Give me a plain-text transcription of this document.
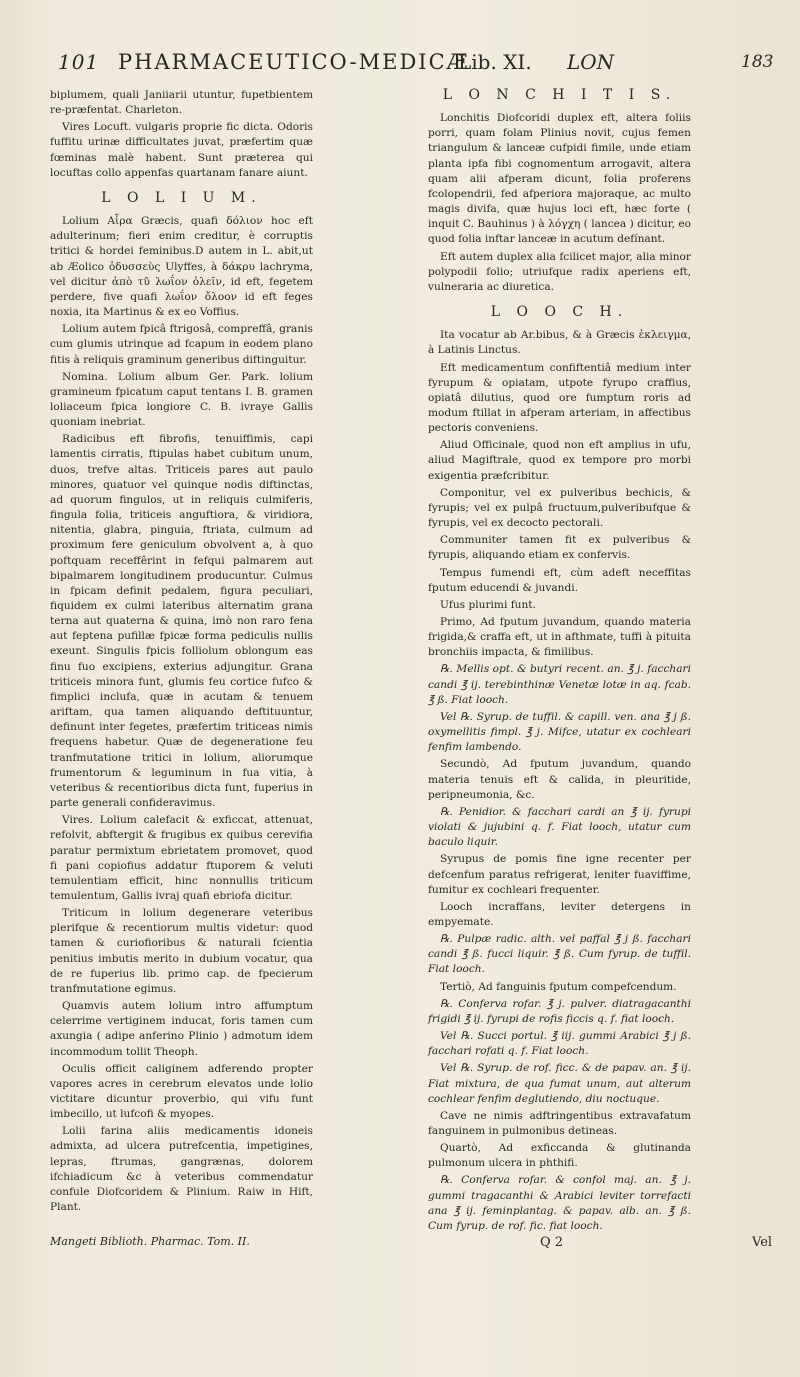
101 PHARMACEUTICO-MEDICÆ
Lib. XI. LON	183

biplumem, quali Janiiarii utuntur, fupetbientem re-præfentat. Charleton.

Vires Locuft. vulgaris proprie fic dicta. Odoris fuffitu urinæ difficultates juvat, præfertim quæ fœminas malè habent. Sunt præterea qui locuftas collo appenfas quartanam fanare aiunt.

L O L I U M.

Lolium Αἶρα Græcis, quafi δόλιον hoc eft adulterinum; fieri enim creditur, è corruptis tritici & hordei feminibus.D autem in L. abit,ut ab Æolico ὀδυσσεὺς Ulyffes, à δάκρυ lachryma, vel dicitur ἀπὸ τῦ λωΐον ὀλεῖν, id eft, fegetem perdere, five quafi λωΐον ὄλοον id eft feges noxia, ita Martinus & ex eo Voffius.

Lolium autem fpicâ ftrigosâ, compreffâ, granis cum glumis utrinque ad fcapum in eodem plano fitis à reliquis graminum generibus diftinguitur.

Nomina. Lolium album Ger. Park. lolium gramineum fpicatum caput tentans I. B. gramen loliaceum fpica longiore C. B. ivraye Gallis quoniam inebriat.

Radicibus eft fibrofis, tenuiffimis, capi lamentis cirratis, ftipulas habet cubitum unum, duos, trefve altas. Triticeis pares aut paulo minores, quatuor vel quinque nodis diftinctas, ad quorum fingulos, ut in reliquis culmiferis, fingula folia, triticeis anguftiora, & viridiora, nitentia, glabra, pinguia, ftriata, culmum ad proximum fere geniculum obvolvent a, à quo poftquam receffêrint in fefqui palmarem aut bipalmarem longitudinem producuntur. Culmus in fpicam definit pedalem, figura peculiari, fiquidem ex culmi lateribus alternatim grana terna aut quaterna & quina, imò non raro fena aut feptena pufillæ fpicæ forma pediculis nullis exeunt. Singulis fpicis folliolum oblongum eas finu fuo excipiens, exterius adjungitur. Grana triticeis minora funt, glumis feu cortice fufco & fimplici inclufa, quæ in acutam & tenuem ariftam, qua tamen aliquando deftituuntur, definunt inter fegetes, præfertim triticeas nimis frequens habetur. Quæ de degeneratione feu tranfmutatione tritici in lolium, aliorumque frumentorum & leguminum in fua vitia, à veteribus & recentioribus dicta funt, fuperius in parte generali confideravimus.

Vires. Lolium calefacit & exficcat, attenuat, refolvit, abftergit & frugibus ex quibus cerevifia paratur permixtum ebrietatem promovet, quod fi pani copiofius addatur ftuporem & veluti temulentiam efficit, hinc nonnullis triticum temulentum, Gallis ivraj quafi ebriofa dicitur.

Triticum in lolium degenerare veteribus plerifque & recentiorum multis videtur: quod tamen & curiofioribus & naturali fcientia penitius imbutis merito in dubium vocatur, qua de re fuperius lib. primo cap. de fpecierum tranfmutatione egimus.

Quamvis autem lolium intro affumptum celerrime vertiginem inducat, foris tamen cum axungia ( adipe anferino Plinio ) admotum idem incommodum tollit Theoph.

Oculis officit caliginem adferendo propter vapores acres in cerebrum elevatos unde lolio victitare dicuntur proverbio, qui vifu funt imbecillo, ut lufcofi & myopes.

Lolii farina aliis medicamentis idoneis admixta, ad ulcera putrefcentia, impetigines, lepras, ftrumas, gangrænas, dolorem ifchiadicum &c à veteribus commendatur confule Diofcoridem & Plinium. Raiw in Hift, Plant.

L O N C H I T I S.

Lonchitis Diofcoridi duplex eft, altera foliis porri, quam folam Plinius novit, cujus femen triangulum & lanceæ cufpidi fimile, unde etiam planta ipfa fibi cognomentum arrogavit, altera quam alii afperam dicunt, folia proferens fcolopendrii, fed afperiora majoraque, ac multo magis divifa, quæ hujus loci eft, hæc forte ( inquit C. Bauhinus ) à λόγχη ( lancea ) dicitur, eo quod folia inftar lanceæ in acutum defínant.

Eft autem duplex alia fcilicet major, alia minor polypodii folio; utriufque radix aperiens eft, vulneraria ac diuretica.

L O O C H.

Ita vocatur ab Ar.bibus, & à Græcis ἐκλειγμα, à Latinis Linctus.

Eft medicamentum confiftentiâ medium inter fyrupum & opiatam, utpote fyrupo craffius, opiatâ dilutius, quod ore fumptum roris ad modum ftillat in afperam arteriam, in affectibus pectoris conveniens.

Aliud Officinale, quod non eft amplius in ufu, aliud Magiftrale, quod ex tempore pro morbi exigentia præfcribitur.

Componitur, vel ex pulveribus bechicis, & fyrupis; vel ex pulpâ fructuum,pulveribufque & fyrupis, vel ex decocto pectorali.

Communiter tamen fit ex pulveribus & fyrupis, aliquando etiam ex confervis.

Tempus fumendi eft, cùm adeft neceffitas fputum educendi & juvandi.

Ufus plurimi funt.

Primo, Ad fputum juvandum, quando materia frigida,& craffa eft, ut in afthmate, tuffi à pituita bronchiis impacta, & fimilibus.

℞. Mellis opt. & butyri recent. an. ℥ j. facchari candi ℥ ij. terebinthinæ Venetæ lotæ in aq. fcab. ℥ ß. Fiat looch.

Vel ℞. Syrup. de tuffil. & capill. ven. ana ℥ j ß. oxymellitis fimpl. ℥ j. Mifce, utatur ex cochleari fenfim lambendo.

Secundò, Ad fputum juvandum, quando materia tenuis eft & calida, in pleuritide, peripneumonia, &c.

℞. Penidior. & facchari cardi an ℥ ij. fyrupi violati & jujubini q. f. Fiat looch, utatur cum baculo liquir.

Syrupus de pomis fine igne recenter per defcenfum paratus refrigerat, leniter fuaviffime, fumitur ex cochleari frequenter.

Looch incraffans, leviter detergens in empyemate.

℞. Pulpæ radic. alth. vel paffal ℥ j ß. facchari candi ℥ ß. fucci liquir. ℥ ß. Cum fyrup. de tuffil. Fiat looch.

Tertiò, Ad fanguinis fputum compefcendum.

℞. Conferva rofar. ℥ j. pulver. diatragacanthi frigidi ℥ ij. fyrupi de rofis ficcis q. f. fiat looch.

Vel ℞. Succi portul. ℥ iij. gummi Arabici ℥ j ß. facchari rofati q. f. Fiat looch.

Vel ℞. Syrup. de rof. ficc. & de papav. an. ℥ ij. Fiat mixtura, de qua fumat unum, aut alterum cochlear fenfim deglutiendo, diu noctuque.

Cave ne nimis adftringentibus extravafatum fanguinem in pulmonibus detineas.

Quartò, Ad exficcanda & glutinanda pulmonum ulcera in phthifi.

℞. Conferva rofar. & confol maj. an. ℥ j. gummi tragacanthi & Arabici leviter torrefacti ana ℥ ij. feminplantag. & papav. alb. an. ℥ ß. Cum fyrup. de rof. fic. fiat looch.

Mangeti Biblioth. Pharmac. Tom. II.	Q 2	Vel
